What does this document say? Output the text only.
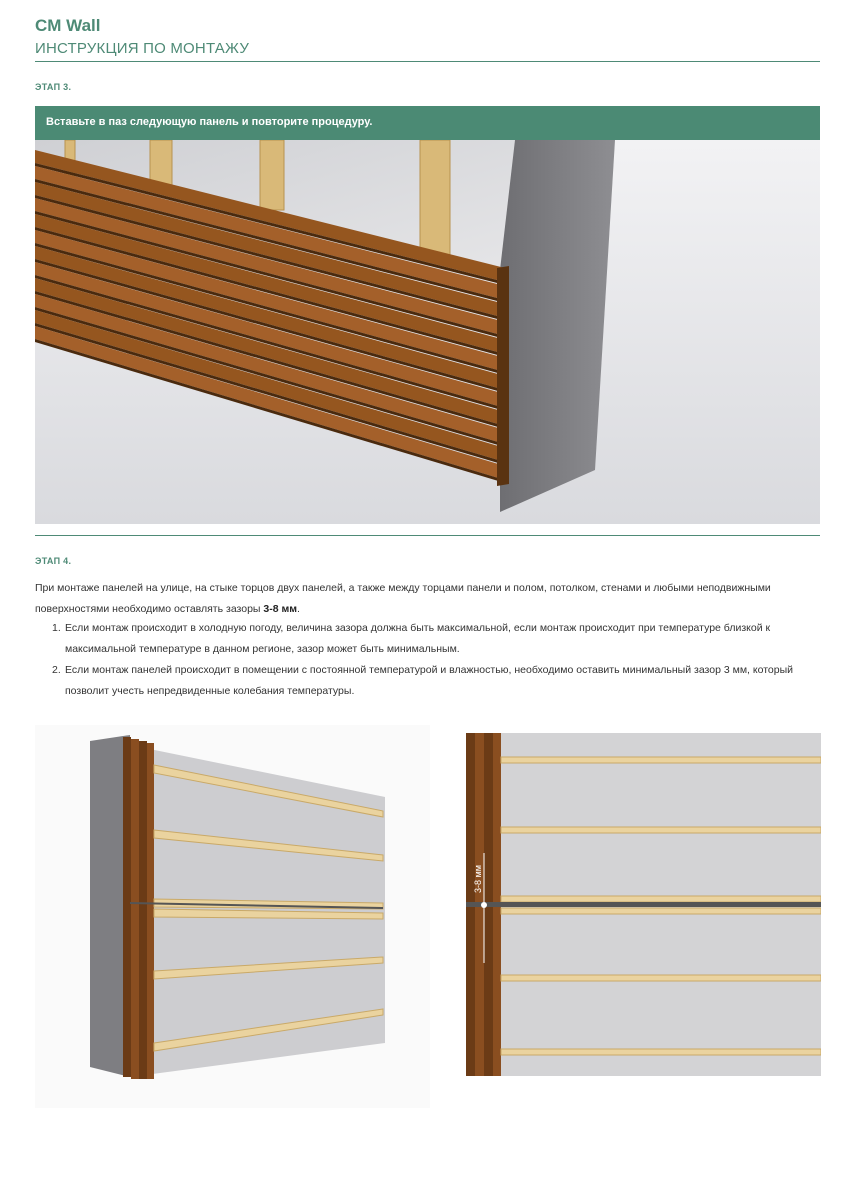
CM Wall
ИНСТРУКЦИЯ ПО МОНТАЖУ
ЭТАП 3.
Вставьте в паз следующую панель и повторите процедуру.
ЭТАП 4.
При монтаже панелей на улице, на стыке торцов двух панелей, а также между торцами панели и полом, потолком, стенами и любыми неподвижными поверхностями необходимо оставлять зазоры 3-8 мм.
1. Если монтаж происходит в холодную погоду, величина зазора должна быть максимальной, если монтаж происходит при температуре близкой к максимальной температуре в данном регионе, зазор может быть минимальным.
2. Если монтаж панелей происходит в помещении с постоянной температурой и влажностью, необходимо оставить минимальный зазор 3 мм, который позволит учесть непредвиденные колебания температуры.
3-8 мм
